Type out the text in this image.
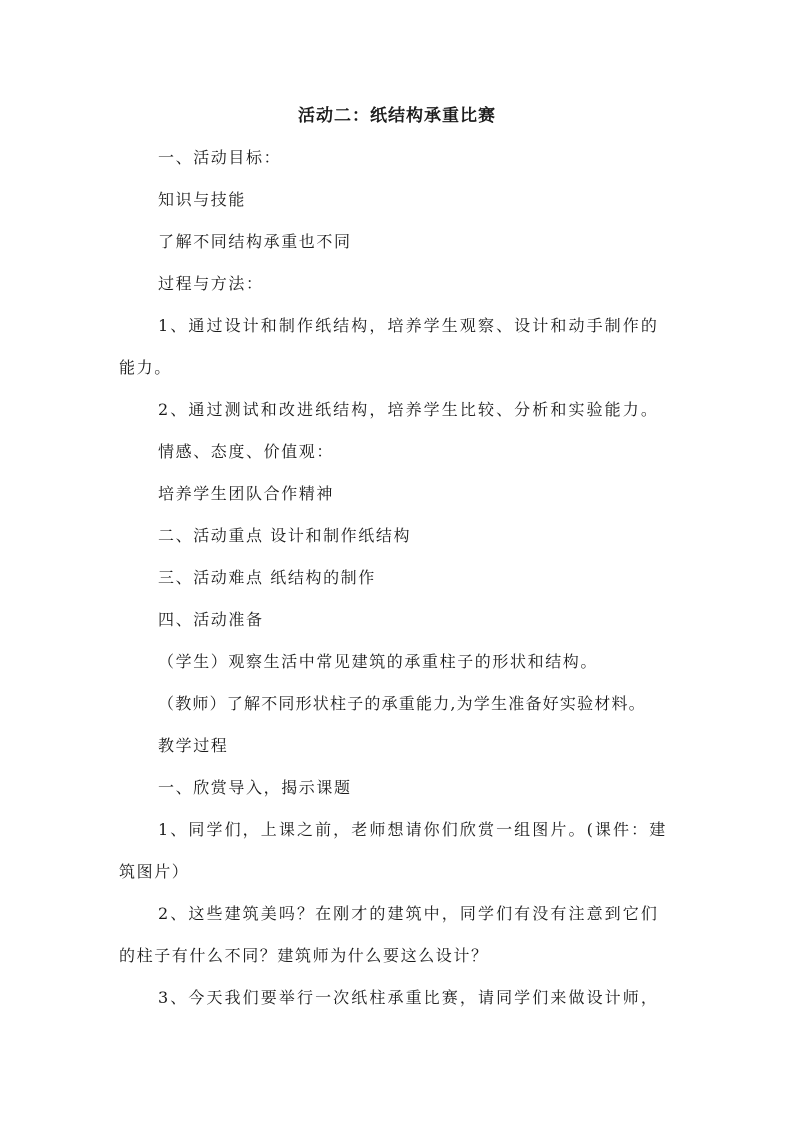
活动二：纸结构承重比赛
一、活动目标：
知识与技能
了解不同结构承重也不同
过程与方法：
1、通过设计和制作纸结构，培养学生观察、设计和动手制作的
能力。
2、通过测试和改进纸结构，培养学生比较、分析和实验能力。
情感、态度、价值观：
培养学生团队合作精神
二、活动重点 设计和制作纸结构
三、活动难点 纸结构的制作
四、活动准备
（学生）观察生活中常见建筑的承重柱子的形状和结构。
（教师）了解不同形状柱子的承重能力,为学生准备好实验材料。
教学过程
一、欣赏导入，揭示课题
1、同学们，上课之前，老师想请你们欣赏一组图片。(课件：建
筑图片）
2、这些建筑美吗？在刚才的建筑中，同学们有没有注意到它们
的柱子有什么不同？建筑师为什么要这么设计？
3、今天我们要举行一次纸柱承重比赛，请同学们来做设计师，
